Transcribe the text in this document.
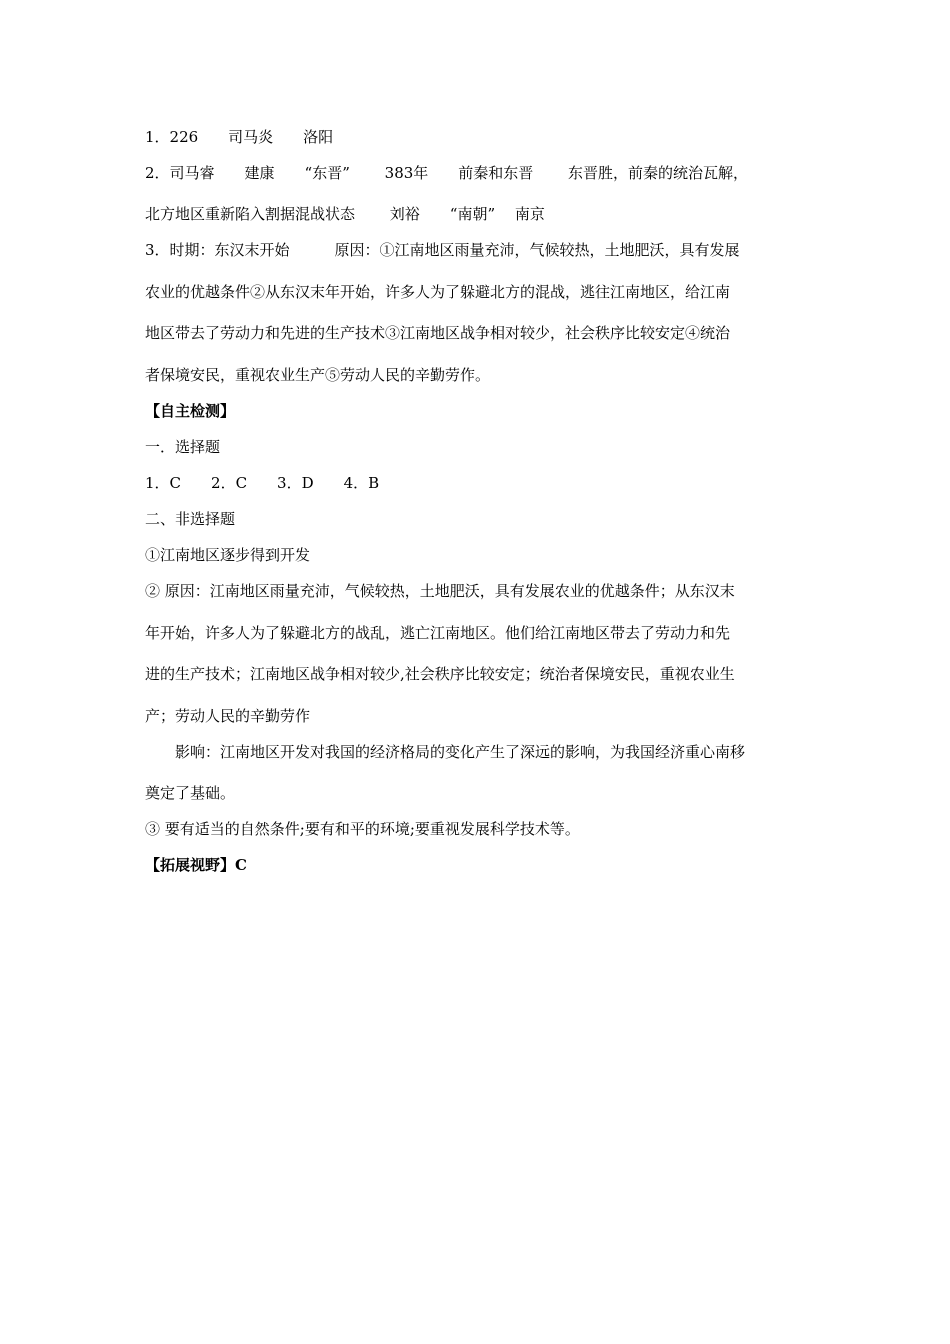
1．226　　司马炎　　洛阳
2．司马睿　　建康　　“东晋”　　 383年　　前秦和东晋　　 东晋胜，前秦的统治瓦解，
北方地区重新陷入割据混战状态　　 刘裕　　“南朝”　 南京
3．时期：东汉末开始　　　原因：①江南地区雨量充沛，气候较热，土地肥沃，具有发展
农业的优越条件②从东汉末年开始，许多人为了躲避北方的混战，逃往江南地区，给江南
地区带去了劳动力和先进的生产技术③江南地区战争相对较少，社会秩序比较安定④统治
者保境安民，重视农业生产⑤劳动人民的辛勤劳作。
【自主检测】
一．选择题
1．C　　2．C　　3．D　　4．B
二、非选择题
①江南地区逐步得到开发
② 原因：江南地区雨量充沛，气候较热，土地肥沃，具有发展农业的优越条件；从东汉末
年开始，许多人为了躲避北方的战乱，逃亡江南地区。他们给江南地区带去了劳动力和先
进的生产技术；江南地区战争相对较少,社会秩序比较安定；统治者保境安民，重视农业生
产；劳动人民的辛勤劳作
影响：江南地区开发对我国的经济格局的变化产生了深远的影响，为我国经济重心南移
奠定了基础。
③ 要有适当的自然条件;要有和平的环境;要重视发展科学技术等。
【拓展视野】C
